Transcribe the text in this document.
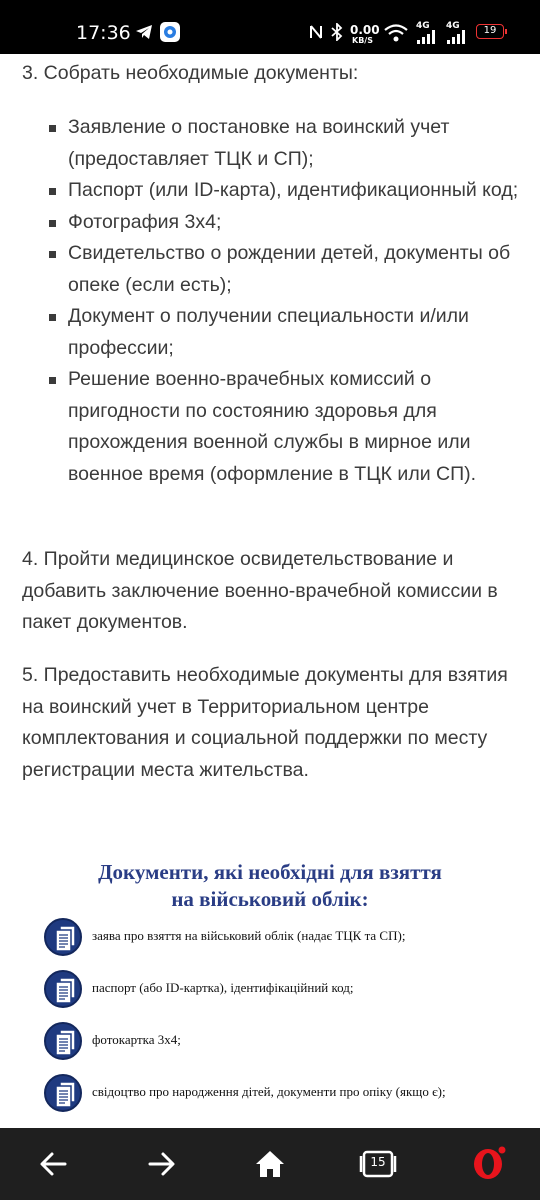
17:36	0.00
KB/S
4G 4G	19

3. Собрать необходимые документы:

Заявление о постановке на воинский учет (предоставляет ТЦК и СП);
Паспорт (или ID-карта), идентификационный код;
Фотография 3х4;
Свидетельство о рождении детей, документы об опеке (если есть);
Документ о получении специальности и/или профессии;
Решение военно-врачебных комиссий о пригодности по состоянию здоровья для прохождения военной службы в мирное или военное время (оформление в ТЦК или СП).

4. Пройти медицинское освидетельствование и добавить заключение военно-врачебной комиссии в пакет документов.

5. Предоставить необходимые документы для взятия на воинский учет в Территориальном центре комплектования и социальной поддержки по месту регистрации места жительства.

Документи, які необхідні для взяття
на військовий облік:
заява про взяття на військовий облік (надає ТЦК та СП);
паспорт (або ID-картка), ідентифікаційний код;
фотокартка 3х4;
свідоцтво про народження дітей, документи про опіку (якщо є);
15
